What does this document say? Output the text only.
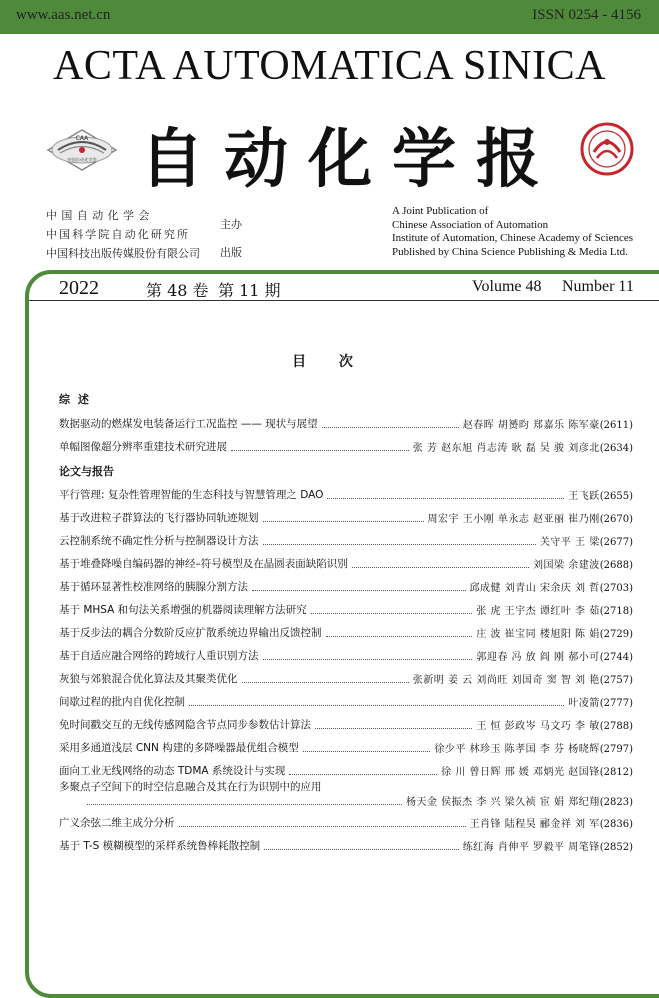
www.aas.net.cn	ISSN 0254 - 4156
ACTA AUTOMATICA SINICA
CAA
中国自动化学会 自动化学报
中国自动化学会
中国科学院自动化研究所
中国科技出版传媒股份有限公司
主办
出版
A Joint Publication of
Chinese Association of Automation
Institute of Automation, Chinese Academy of Sciences
Published by China Science Publishing & Media Ltd.
2022	第 48 卷 第 11 期	Volume 48 Number 11
目 次
综 述
数据驱动的燃煤发电装备运行工况监控 —— 现状与展望	赵春晖 胡赟昀 郑嘉乐 陈军豪 (2611)
单幅图像超分辨率重建技术研究进展	张 芳 赵东旭 肖志涛 耿 磊 吴 骏 刘彦北 (2634)
论文与报告
平行管理: 复杂性管理智能的生态科技与智慧管理之 DAO	王飞跃 (2655)
基于改进粒子群算法的飞行器协同轨迹规划	周宏宇 王小刚 单永志 赵亚丽 崔乃刚 (2670)
云控制系统不确定性分析与控制器设计方法	关守平 王 梁 (2677)
基于堆叠降噪自编码器的神经–符号模型及在晶圆表面缺陷识别	刘国梁 余建波 (2688)
基于循环显著性校准网络的胰腺分割方法	邱成健 刘青山 宋余庆 刘 哲 (2703)
基于 MHSA 和句法关系增强的机器阅读理解方法研究	张 虎 王宇杰 谭红叶 李 茹 (2718)
基于反步法的耦合分数阶反应扩散系统边界输出反馈控制	庄 波 崔宝同 楼旭阳 陈 娟 (2729)
基于自适应融合网络的跨域行人重识别方法	郭迎春 冯 放 阎 刚 郝小可 (2744)
灰狼与郊狼混合优化算法及其聚类优化	张新明 姜 云 刘尚旺 刘国奇 窦 智 刘 艳 (2757)
间歇过程的批内自优化控制	叶凌箭 (2777)
免时间戳交互的无线传感网隐含节点同步参数估计算法	王 恒 彭政岑 马文巧 李 敏 (2788)
采用多通道浅层 CNN 构建的多降噪器最优组合模型	徐少平 林珍玉 陈孝国 李 芬 杨晓辉 (2797)
面向工业无线网络的动态 TDMA 系统设计与实现	徐 川 曾日辉 邢 媛 邓炳光 赵国锋 (2812)
多聚点子空间下的时空信息融合及其在行为识别中的应用
杨天金 侯振杰 李 兴 梁久祯 宦 娟 郑纪翔 (2823)
广义余弦二维主成分分析	王肖锋 陆程昊 郦金祥 刘 军 (2836)
基于 T-S 模糊模型的采样系统鲁棒耗散控制	练红海 肖伸平 罗毅平 周笔锋 (2852)
